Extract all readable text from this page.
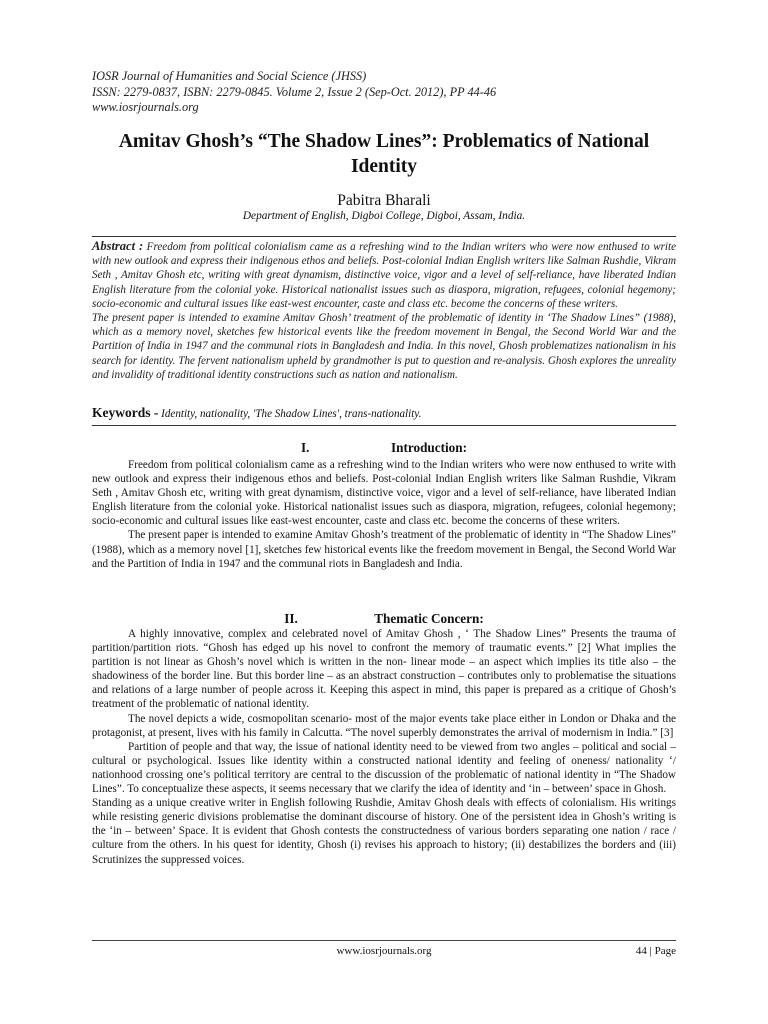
IOSR Journal of Humanities and Social Science (JHSS)
ISSN: 2279-0837, ISBN: 2279-0845. Volume 2, Issue 2 (Sep-Oct. 2012), PP 44-46
www.iosrjournals.org
Amitav Ghosh’s “The Shadow Lines”: Problematics of National Identity
Pabitra Bharali
Department of English, Digboi College, Digboi, Assam, India.

Abstract : Freedom from political colonialism came as a refreshing wind to the Indian writers who were now enthused to write with new outlook and express their indigenous ethos and beliefs. Post-colonial Indian English writers like Salman Rushdie, Vikram Seth , Amitav Ghosh etc, writing with great dynamism, distinctive voice, vigor and a level of self-reliance, have liberated Indian English literature from the colonial yoke. Historical nationalist issues such as diaspora, migration, refugees, colonial hegemony; socio-economic and cultural issues like east-west encounter, caste and class etc. become the concerns of these writers.

The present paper is intended to examine Amitav Ghosh’ treatment of the problematic of identity in ‘The Shadow Lines” (1988), which as a memory novel, sketches few historical events like the freedom movement in Bengal, the Second World War and the Partition of India in 1947 and the communal riots in Bangladesh and India. In this novel, Ghosh problematizes nationalism in his search for identity. The fervent nationalism upheld by grandmother is put to question and re-analysis. Ghosh explores the unreality and invalidity of traditional identity constructions such as nation and nationalism.

Keywords - Identity, nationality, 'The Shadow Lines', trans-nationality.
I.	Introduction:

Freedom from political colonialism came as a refreshing wind to the Indian writers who were now enthused to write with new outlook and express their indigenous ethos and beliefs. Post-colonial Indian English writers like Salman Rushdie, Vikram Seth , Amitav Ghosh etc, writing with great dynamism, distinctive voice, vigor and a level of self-reliance, have liberated Indian English literature from the colonial yoke. Historical nationalist issues such as diaspora, migration, refugees, colonial hegemony; socio-economic and cultural issues like east-west encounter, caste and class etc. become the concerns of these writers.

The present paper is intended to examine Amitav Ghosh’s treatment of the problematic of identity in “The Shadow Lines” (1988), which as a memory novel [1], sketches few historical events like the freedom movement in Bengal, the Second World War and the Partition of India in 1947 and the communal riots in Bangladesh and India.

II.	Thematic Concern:

A highly innovative, complex and celebrated novel of Amitav Ghosh , ‘ The Shadow Lines” Presents the trauma of partition/partition riots. “Ghosh has edged up his novel to confront the memory of traumatic events.” [2] What implies the partition is not linear as Ghosh’s novel which is written in the non- linear mode – an aspect which implies its title also – the shadowiness of the border line. But this border line – as an abstract construction – contributes only to problematise the situations and relations of a large number of people across it. Keeping this aspect in mind, this paper is prepared as a critique of Ghosh’s treatment of the problematic of national identity.

The novel depicts a wide, cosmopolitan scenario- most of the major events take place either in London or Dhaka and the protagonist, at present, lives with his family in Calcutta. “The novel superbly demonstrates the arrival of modernism in India.” [3]

Partition of people and that way, the issue of national identity need to be viewed from two angles – political and social – cultural or psychological. Issues like identity within a constructed national identity and feeling of oneness/ nationality ‘/ nationhood crossing one’s political territory are central to the discussion of the problematic of national identity in “The Shadow Lines”. To conceptualize these aspects, it seems necessary that we clarify the idea of identity and ‘in – between’ space in Ghosh.

Standing as a unique creative writer in English following Rushdie, Amitav Ghosh deals with effects of colonialism. His writings while resisting generic divisions problematise the dominant discourse of history. One of the persistent idea in Ghosh’s writing is the ‘in – between’ Space. It is evident that Ghosh contests the constructedness of various borders separating one nation / race / culture from the others. In his quest for identity, Ghosh (i) revises his approach to history; (ii) destabilizes the borders and (iii) Scrutinizes the suppressed voices.

www.iosrjournals.org	44 | Page
